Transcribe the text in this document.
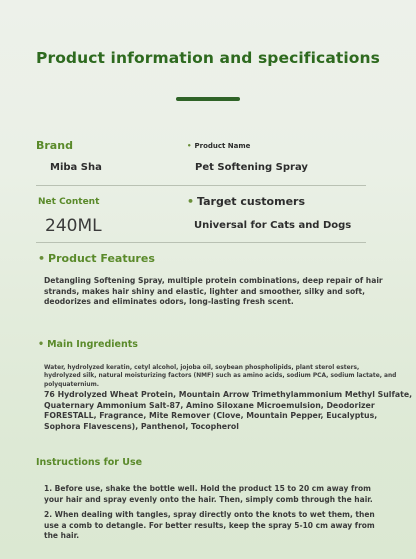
Product information and specifications
Brand	• Product Name
Miba Sha	Pet Softening Spray
Net Content	• Target customers
240ML	Universal for Cats and Dogs
• Product Features
Detangling Softening Spray, multiple protein combinations, deep repair of hair
strands, makes hair shiny and elastic, lighter and smoother, silky and soft,
deodorizes and eliminates odors, long-lasting fresh scent.
• Main Ingredients
Water, hydrolyzed keratin, cetyl alcohol, jojoba oil, soybean phospholipids, plant sterol esters,
hydrolyzed silk, natural moisturizing factors (NMF) such as amino acids, sodium PCA, sodium lactate, and
polyquaternium.
76 Hydrolyzed Wheat Protein, Mountain Arrow Trimethylammonium Methyl Sulfate,
Quaternary Ammonium Salt-87, Amino Siloxane Microemulsion, Deodorizer
FORESTALL, Fragrance, Mite Remover (Clove, Mountain Pepper, Eucalyptus,
Sophora Flavescens), Panthenol, Tocopherol
Instructions for Use
1. Before use, shake the bottle well. Hold the product 15 to 20 cm away from
your hair and spray evenly onto the hair. Then, simply comb through the hair.
2. When dealing with tangles, spray directly onto the knots to wet them, then
use a comb to detangle. For better results, keep the spray 5-10 cm away from
the hair.
